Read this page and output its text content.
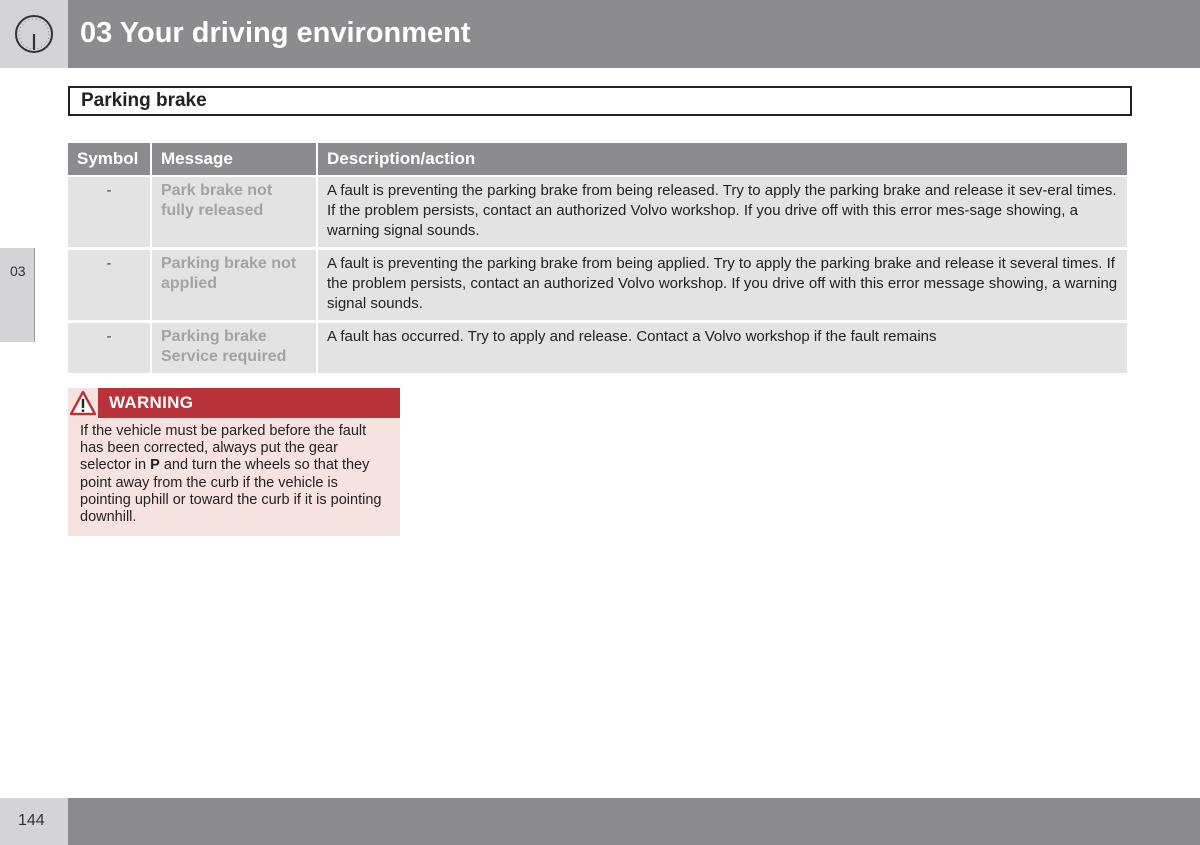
03 Your driving environment
Parking brake
03
Symbol	Message	Description/action
-	Park brake not fully released	A fault is preventing the parking brake from being released. Try to apply the parking brake and release it sev-eral times. If the problem persists, contact an authorized Volvo workshop. If you drive off with this error mes-sage showing, a warning signal sounds.
-	Parking brake not applied	A fault is preventing the parking brake from being applied. Try to apply the parking brake and release it several times. If the problem persists, contact an authorized Volvo workshop. If you drive off with this error message showing, a warning signal sounds.
-	Parking brake Service required	A fault has occurred. Try to apply and release. Contact a Volvo workshop if the fault remains
WARNING

If the vehicle must be parked before the fault has been corrected, always put the gear selector in P and turn the wheels so that they point away from the curb if the vehicle is pointing uphill or toward the curb if it is pointing downhill.

144
